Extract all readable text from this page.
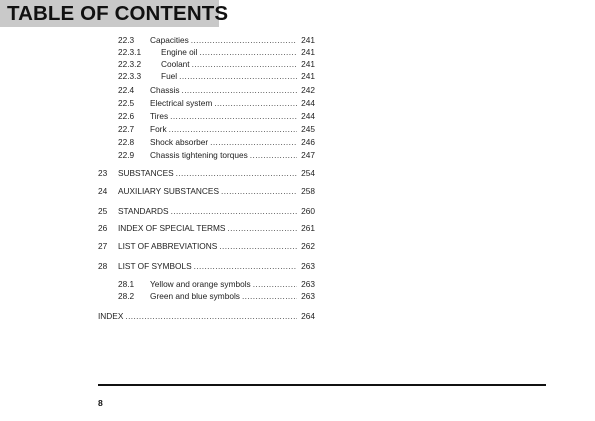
TABLE OF CONTENTS
22.3	Capacities .....	241
22.3.1	Engine oil .....	241
22.3.2	Coolant .....	241
22.3.3	Fuel .....	241
22.4	Chassis .....	242
22.5	Electrical system .....	244
22.6	Tires .....	244
22.7	Fork .....	245
22.8	Shock absorber .....	246
22.9	Chassis tightening torques .....	247
23	SUBSTANCES .....	254
24	AUXILIARY SUBSTANCES .....	258
25	STANDARDS .....	260
26	INDEX OF SPECIAL TERMS .....	261
27	LIST OF ABBREVIATIONS .....	262
28	LIST OF SYMBOLS .....	263
28.1	Yellow and orange symbols .....	263
28.2	Green and blue symbols .....	263
INDEX .....	264
8
